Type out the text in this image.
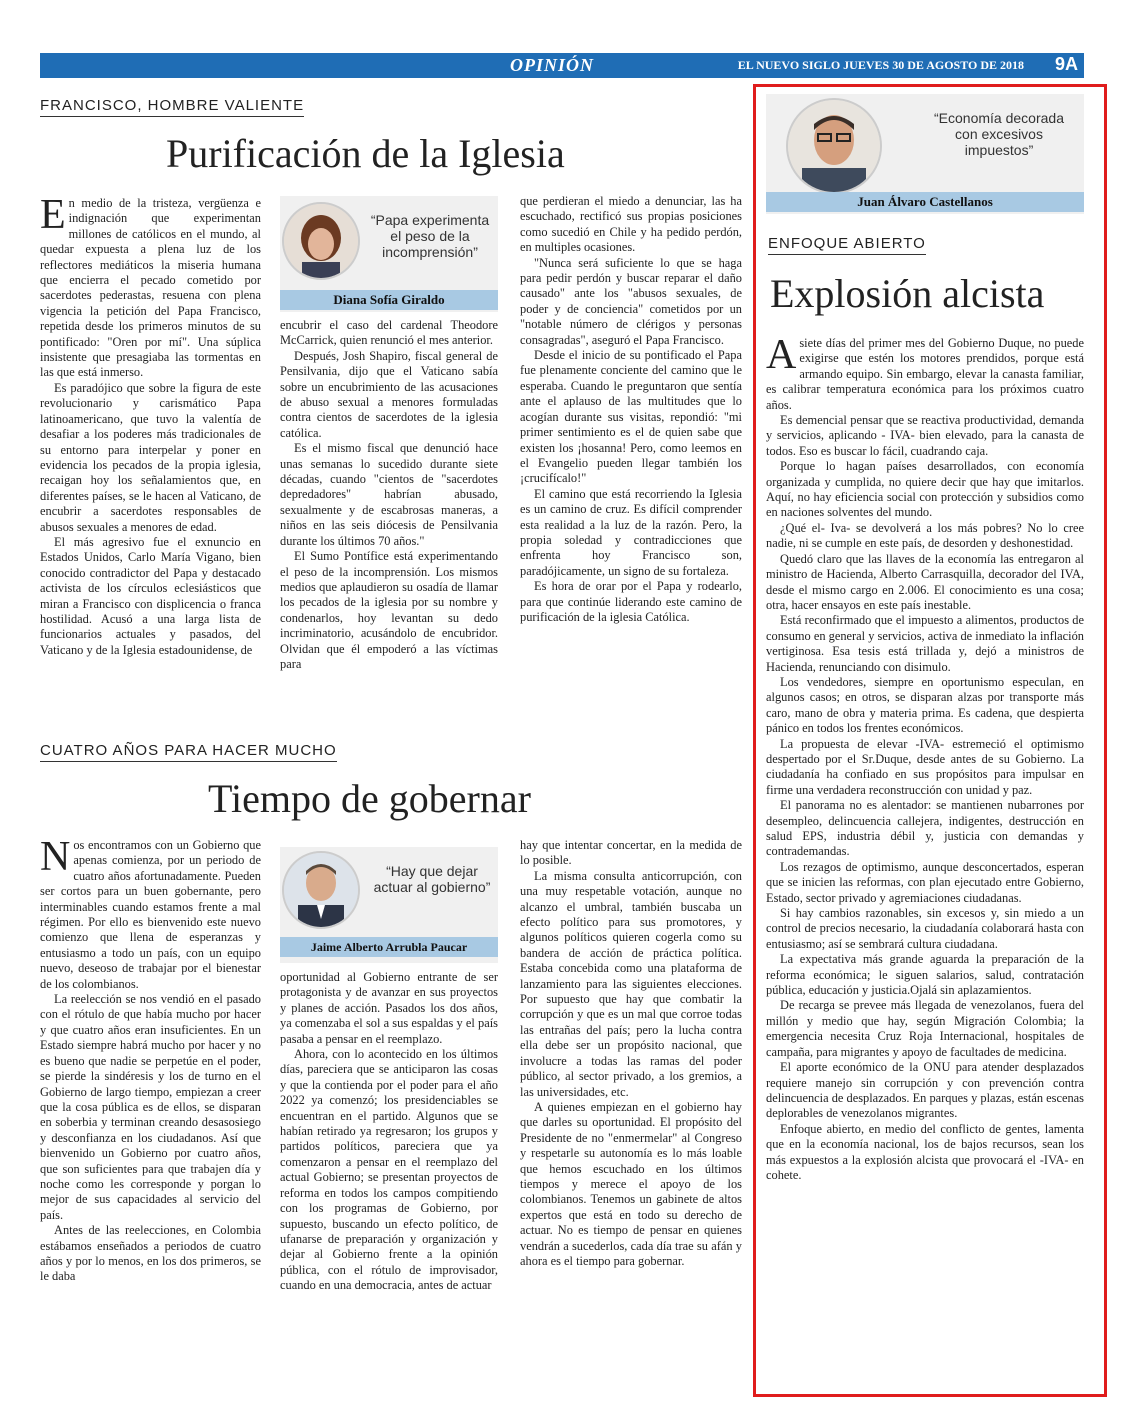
OPINIÓN	EL NUEVO SIGLO JUEVES 30 DE AGOSTO DE 2018 9A
FRANCISCO, HOMBRE VALIENTE
Purificación de la Iglesia

En medio de la tristeza, vergüenza e indignación que experimentan millones de católicos en el mundo, al quedar expuesta a plena luz de los reflectores mediáticos la miseria humana que encierra el pecado cometido por sacerdotes pederastas, resuena con plena vigencia la petición del Papa Francisco, repetida desde los primeros minutos de su pontificado: "Oren por mí". Una súplica insistente que presagiaba las tormentas en las que está inmerso.

Es paradójico que sobre la figura de este revolucionario y carismático Papa latinoamericano, que tuvo la valentía de desafiar a los poderes más tradicionales de su entorno para interpelar y poner en evidencia los pecados de la propia iglesia, recaigan hoy los señalamientos que, en diferentes países, se le hacen al Vaticano, de encubrir a sacerdotes responsables de abusos sexuales a menores de edad.

El más agresivo fue el exnuncio en Estados Unidos, Carlo María Vigano, bien conocido contradictor del Papa y destacado activista de los círculos eclesiásticos que miran a Francisco con displicencia o franca hostilidad. Acusó a una larga lista de funcionarios actuales y pasados, del Vaticano y de la Iglesia estadounidense, de

“Papa experimenta el peso de la incomprensión”
Diana Sofía Giraldo

encubrir el caso del cardenal Theodore McCarrick, quien renunció el mes anterior.

Después, Josh Shapiro, fiscal general de Pensilvania, dijo que el Vaticano sabía sobre un encubrimiento de las acusaciones de abuso sexual a menores formuladas contra cientos de sacerdotes de la iglesia católica.

Es el mismo fiscal que denunció hace unas semanas lo sucedido durante siete décadas, cuando "cientos de "sacerdotes depredadores" habrían abusado, sexualmente y de escabrosas maneras, a niños en las seis diócesis de Pensilvania durante los últimos 70 años."

El Sumo Pontífice está experimentando el peso de la incomprensión. Los mismos medios que aplaudieron su osadía de llamar los pecados de la iglesia por su nombre y condenarlos, hoy levantan su dedo incriminatorio, acusándolo de encubridor. Olvidan que él empoderó a las víctimas para

que perdieran el miedo a denunciar, las ha escuchado, rectificó sus propias posiciones como sucedió en Chile y ha pedido perdón, en multiples ocasiones.

"Nunca será suficiente lo que se haga para pedir perdón y buscar reparar el daño causado" ante los "abusos sexuales, de poder y de conciencia" cometidos por un "notable número de clérigos y personas consagradas", aseguró el Papa Francisco.

Desde el inicio de su pontificado el Papa fue plenamente conciente del camino que le esperaba. Cuando le preguntaron que sentía ante el aplauso de las multitudes que lo acogían durante sus visitas, repondió: "mi primer sentimiento es el de quien sabe que existen los ¡hosanna! Pero, como leemos en el Evangelio pueden llegar también los ¡crucifícalo!"

El camino que está recorriendo la Iglesia es un camino de cruz. Es difícil comprender esta realidad a la luz de la razón. Pero, la propia soledad y contradicciones que enfrenta hoy Francisco son, paradójicamente, un signo de su fortaleza.

Es hora de orar por el Papa y rodearlo, para que continúe liderando este camino de purificación de la iglesia Católica.

CUATRO AÑOS PARA HACER MUCHO
Tiempo de gobernar

Nos encontramos con un Gobierno que apenas comienza, por un periodo de cuatro años afortunadamente. Pueden ser cortos para un buen gobernante, pero interminables cuando estamos frente a mal régimen. Por ello es bienvenido este nuevo comienzo que llena de esperanzas y entusiasmo a todo un país, con un equipo nuevo, deseoso de trabajar por el bienestar de los colombianos.

La reelección se nos vendió en el pasado con el rótulo de que había mucho por hacer y que cuatro años eran insuficientes. En un Estado siempre habrá mucho por hacer y no es bueno que nadie se perpetúe en el poder, se pierde la sindéresis y los de turno en el Gobierno de largo tiempo, empiezan a creer que la cosa pública es de ellos, se disparan en soberbia y terminan creando desasosiego y desconfianza en los ciudadanos. Así que bienvenido un Gobierno por cuatro años, que son suficientes para que trabajen día y noche como les corresponde y porgan lo mejor de sus capacidades al servicio del país.

Antes de las reelecciones, en Colombia estábamos enseñados a periodos de cuatro años y por lo menos, en los dos primeros, se le daba

“Hay que dejar actuar al gobierno”
Jaime Alberto Arrubla Paucar

oportunidad al Gobierno entrante de ser protagonista y de avanzar en sus proyectos y planes de acción. Pasados los dos años, ya comenzaba el sol a sus espaldas y el país pasaba a pensar en el reemplazo.

Ahora, con lo acontecido en los últimos días, pareciera que se anticiparon las cosas y que la contienda por el poder para el año 2022 ya comenzó; los presidenciables se encuentran en el partido. Algunos que se habían retirado ya regresaron; los grupos y partidos políticos, pareciera que ya comenzaron a pensar en el reemplazo del actual Gobierno; se presentan proyectos de reforma en todos los campos compitiendo con los programas de Gobierno, por supuesto, buscando un efecto político, de ufanarse de preparación y organización y dejar al Gobierno frente a la opinión pública, con el rótulo de improvisador, cuando en una democracia, antes de actuar

hay que intentar concertar, en la medida de lo posible.

La misma consulta anticorrupción, con una muy respetable votación, aunque no alcanzo el umbral, también buscaba un efecto político para sus promotores, y algunos políticos quieren cogerla como su bandera de acción de práctica política. Estaba concebida como una plataforma de lanzamiento para las siguientes elecciones. Por supuesto que hay que combatir la corrupción y que es un mal que corroe todas las entrañas del país; pero la lucha contra ella debe ser un propósito nacional, que involucre a todas las ramas del poder público, al sector privado, a los gremios, a las universidades, etc.

A quienes empiezan en el gobierno hay que darles su oportunidad. El propósito del Presidente de no "enmermelar" al Congreso y respetarle su autonomía es lo más loable que hemos escuchado en los últimos tiempos y merece el apoyo de los colombianos. Tenemos un gabinete de altos expertos que está en todo su derecho de actuar. No es tiempo de pensar en quienes vendrán a sucederlos, cada día trae su afán y ahora es el tiempo para gobernar.

“Economía decorada con excesivos impuestos”
Juan Álvaro Castellanos
ENFOQUE ABIERTO
Explosión alcista

Asiete días del primer mes del Gobierno Duque, no puede exigirse que estén los motores prendidos, porque está armando equipo. Sin embargo, elevar la canasta familiar, es calibrar temperatura económica para los próximos cuatro años.

Es demencial pensar que se reactiva productividad, demanda y servicios, aplicando - IVA- bien elevado, para la canasta de todos. Eso es buscar lo fácil, cuadrando caja.

Porque lo hagan países desarrollados, con economía organizada y cumplida, no quiere decir que hay que imitarlos. Aquí, no hay eficiencia social con protección y subsidios como en naciones solventes del mundo.

¿Qué el- Iva- se devolverá a los más pobres? No lo cree nadie, ni se cumple en este país, de desorden y deshonestidad.

Quedó claro que las llaves de la economía las entregaron al ministro de Hacienda, Alberto Carrasquilla, decorador del IVA, desde el mismo cargo en 2.006. El conocimiento es una cosa; otra, hacer ensayos en este país inestable.

Está reconfirmado que el impuesto a alimentos, productos de consumo en general y servicios, activa de inmediato la inflación vertiginosa. Esa tesis está trillada y, dejó a ministros de Hacienda, renunciando con disimulo.

Los vendedores, siempre en oportunismo especulan, en algunos casos; en otros, se disparan alzas por transporte más caro, mano de obra y materia prima. Es cadena, que despierta pánico en todos los frentes económicos.

La propuesta de elevar -IVA- estremeció el optimismo despertado por el Sr.Duque, desde antes de su Gobierno. La ciudadanía ha confiado en sus propósitos para impulsar en firme una verdadera reconstrucción con unidad y paz.

El panorama no es alentador: se mantienen nubarrones por desempleo, delincuencia callejera, indigentes, destrucción en salud EPS, industria débil y, justicia con demandas y contrademandas.

Los rezagos de optimismo, aunque desconcertados, esperan que se inicien las reformas, con plan ejecutado entre Gobierno, Estado, sector privado y agremiaciones ciudadanas.

Si hay cambios razonables, sin excesos y, sin miedo a un control de precios necesario, la ciudadanía colaborará hasta con entusiasmo; así se sembrará cultura ciudadana.

La expectativa más grande aguarda la preparación de la reforma económica; le siguen salarios, salud, contratación pública, educación y justicia.Ojalá sin aplazamientos.

De recarga se prevee más llegada de venezolanos, fuera del millón y medio que hay, según Migración Colombia; la emergencia necesita Cruz Roja Internacional, hospitales de campaña, para migrantes y apoyo de facultades de medicina.

El aporte económico de la ONU para atender desplazados requiere manejo sin corrupción y con prevención contra delincuencia de desplazados. En parques y plazas, están escenas deplorables de venezolanos migrantes.

Enfoque abierto, en medio del conflicto de gentes, lamenta que en la economía nacional, los de bajos recursos, sean los más expuestos a la explosión alcista que provocará el -IVA- en cohete.
